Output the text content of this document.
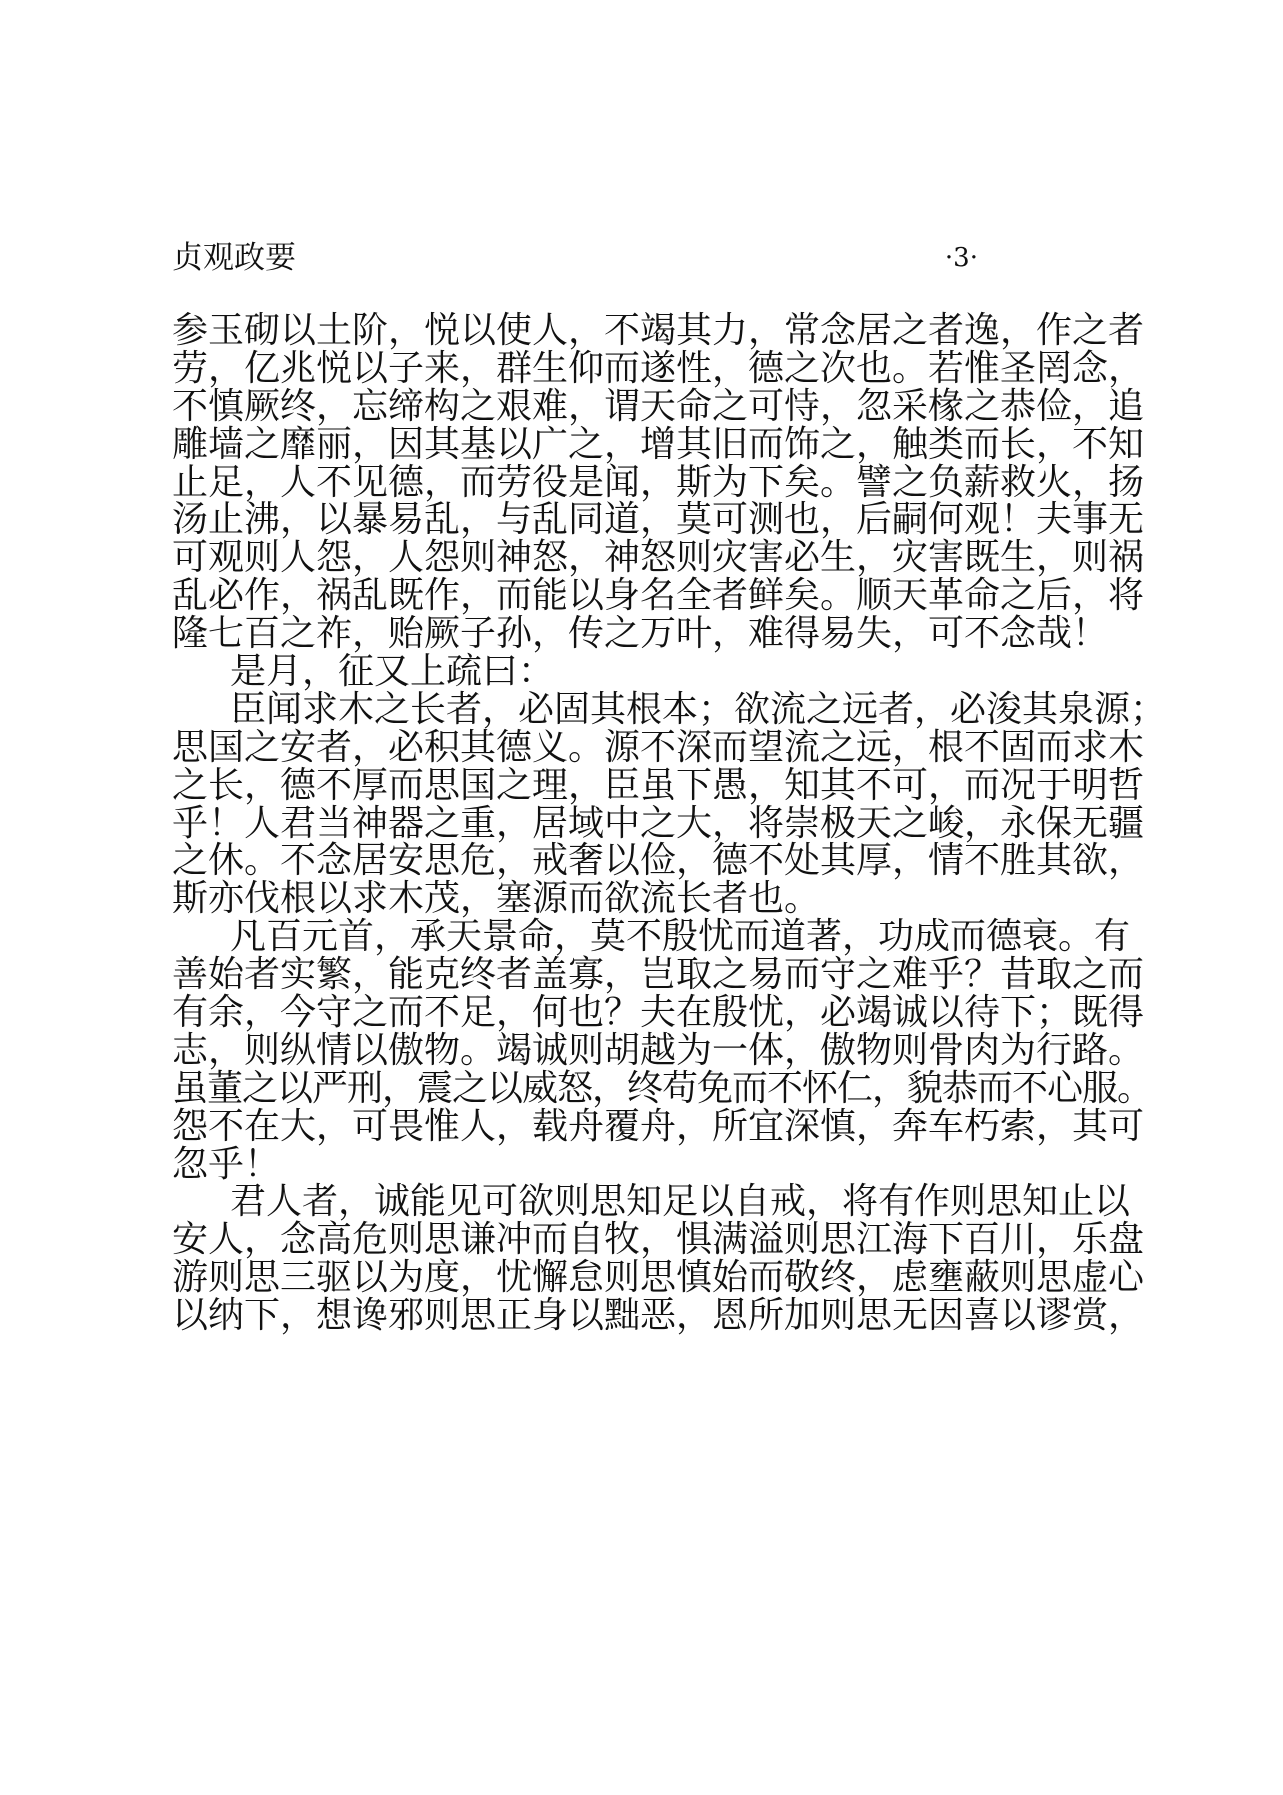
贞观政要	·3·
参玉砌以土阶，悦以使人，不竭其力，常念居之者逸，作之者
劳，亿兆悦以子来，群生仰而遂性，德之次也。若惟圣罔念，
不慎厥终，忘缔构之艰难，谓天命之可恃，忽采椽之恭俭，追
雕墙之靡丽，因其基以广之，增其旧而饰之，触类而长，不知
止足，人不见德，而劳役是闻，斯为下矣。譬之负薪救火，扬
汤止沸，以暴易乱，与乱同道，莫可测也，后嗣何观！夫事无
可观则人怨，人怨则神怒，神怒则灾害必生，灾害既生，则祸
乱必作，祸乱既作，而能以身名全者鲜矣。顺天革命之后，将
隆七百之祚，贻厥子孙，传之万叶，难得易失，可不念哉！
是月，征又上疏曰：
臣闻求木之长者，必固其根本；欲流之远者，必浚其泉源；
思国之安者，必积其德义。源不深而望流之远，根不固而求木
之长，德不厚而思国之理，臣虽下愚，知其不可，而况于明哲
乎！人君当神器之重，居域中之大，将崇极天之峻，永保无疆
之休。不念居安思危，戒奢以俭，德不处其厚，情不胜其欲，
斯亦伐根以求木茂，塞源而欲流长者也。
凡百元首，承天景命，莫不殷忧而道著，功成而德衰。有
善始者实繁，能克终者盖寡，岂取之易而守之难乎？昔取之而
有余，今守之而不足，何也？夫在殷忧，必竭诚以待下；既得
志，则纵情以傲物。竭诚则胡越为一体，傲物则骨肉为行路。
虽董之以严刑，震之以威怒，终苟免而不怀仁，貌恭而不心服。
怨不在大，可畏惟人，载舟覆舟，所宜深慎，奔车朽索，其可
忽乎！
君人者，诚能见可欲则思知足以自戒，将有作则思知止以
安人，念高危则思谦冲而自牧，惧满溢则思江海下百川，乐盘
游则思三驱以为度，忧懈怠则思慎始而敬终，虑壅蔽则思虚心
以纳下，想谗邪则思正身以黜恶，恩所加则思无因喜以谬赏，
